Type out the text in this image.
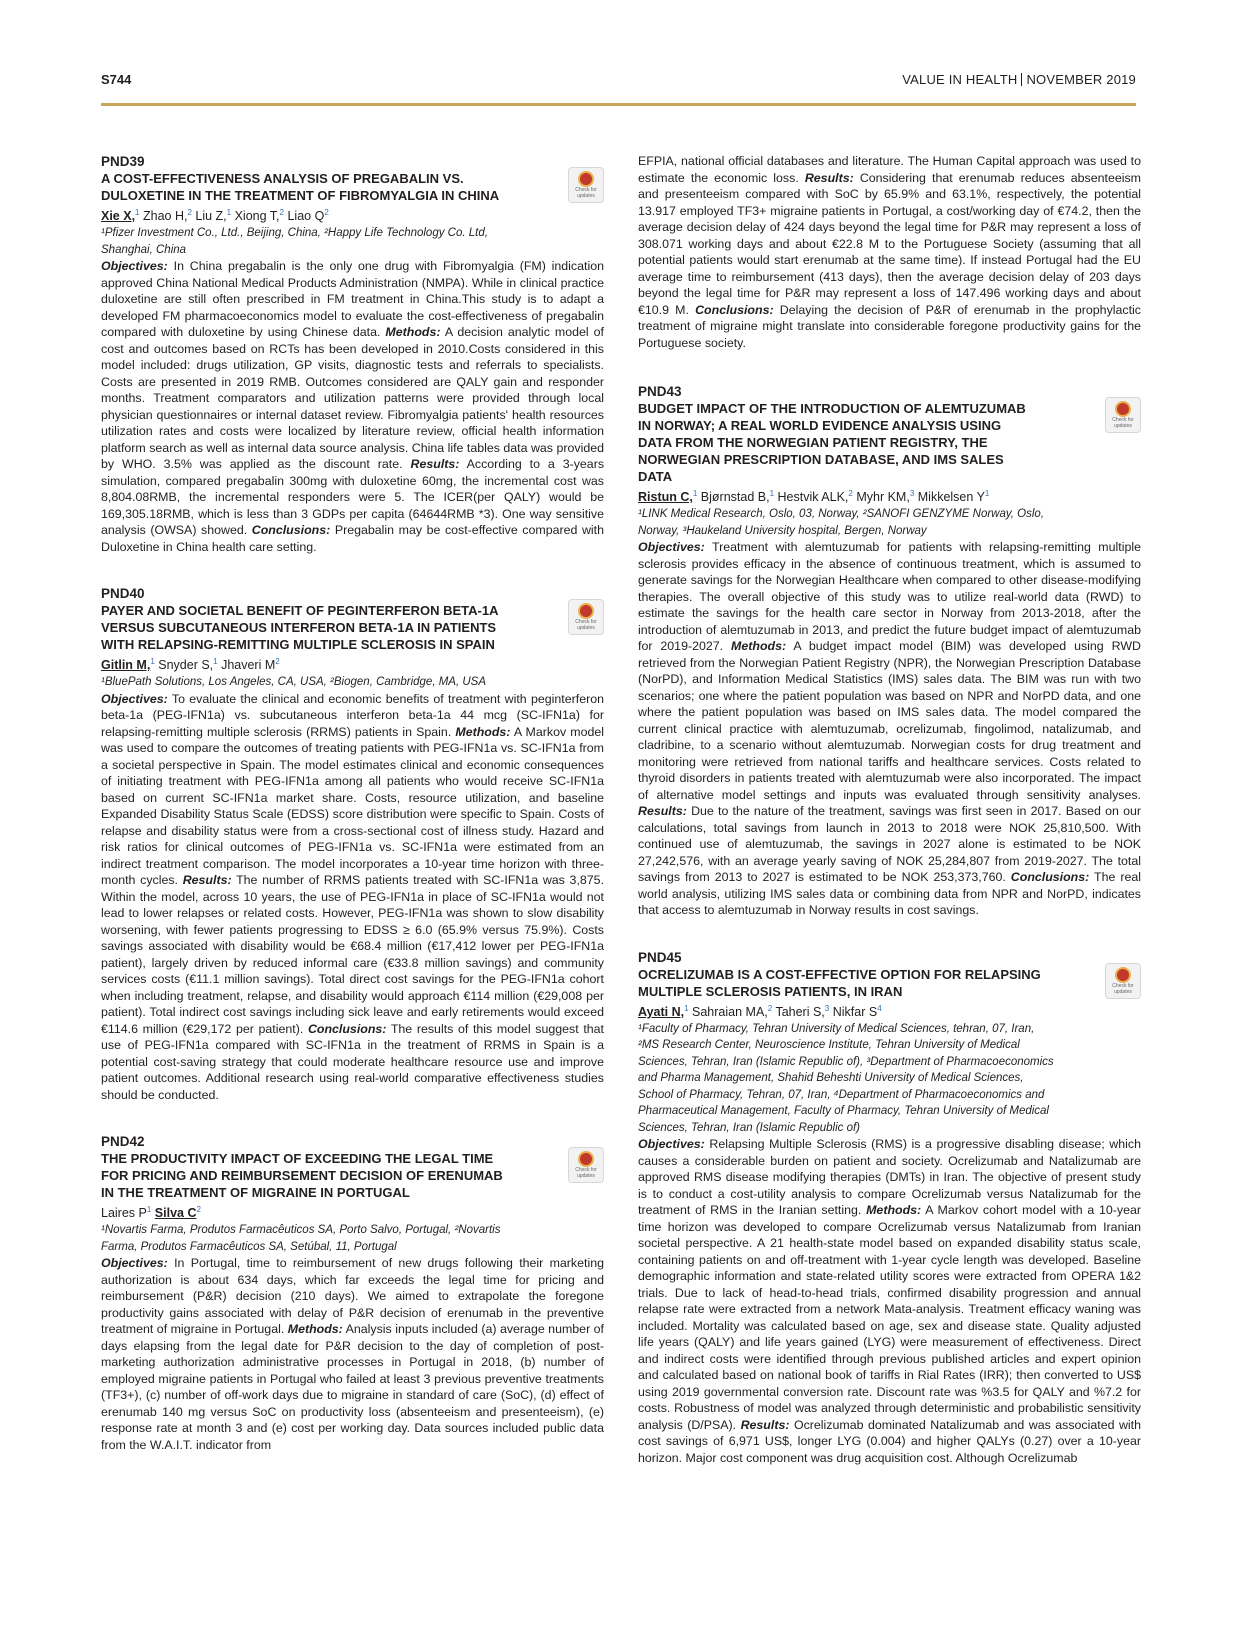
S744	VALUE IN HEALTH NOVEMBER 2019
PND39
A COST-EFFECTIVENESS ANALYSIS OF PREGABALIN VS. DULOXETINE IN THE TREATMENT OF FIBROMYALGIA IN CHINA	Check for
updates
Xie X,$^1$ Zhao H,$^2$ Liu Z,$^1$ Xiong T,$^2$ Liao $Q^2$
¹Pfizer Investment Co., Ltd., Beijing, China, ²Happy Life Technology Co. Ltd, Shanghai, China
Objectives: In China pregabalin is the only one drug with Fibromyalgia (FM) indication approved China National Medical Products Administration (NMPA). While in clinical practice duloxetine are still often prescribed in FM treatment in China.This study is to adapt a developed FM pharmacoeconomics model to evaluate the cost-effectiveness of pregabalin compared with duloxetine by using Chinese data. Methods: A decision analytic model of cost and outcomes based on RCTs has been developed in 2010.Costs considered in this model included: drugs utilization, GP visits, diagnostic tests and referrals to specialists. Costs are presented in 2019 RMB. Outcomes considered are QALY gain and responder months. Treatment comparators and utilization patterns were provided through local physician questionnaires or internal dataset review. Fibromyalgia patients' health resources utilization rates and costs were localized by literature review, official health information platform search as well as internal data source analysis. China life tables data was provided by WHO. 3.5% was applied as the discount rate. Results: According to a 3-years simulation, compared pregabalin 300mg with duloxetine 60mg, the incremental cost was 8,804.08RMB, the incremental responders were 5. The ICER(per QALY) would be 169,305.18RMB, which is less than 3 GDPs per capita (64644RMB *3). One way sensitive analysis (OWSA) showed. Conclusions: Pregabalin may be cost-effective compared with Duloxetine in China health care setting.
PND40
PAYER AND SOCIETAL BENEFIT OF PEGINTERFERON BETA-1A VERSUS SUBCUTANEOUS INTERFERON BETA-1A IN PATIENTS WITH RELAPSING-REMITTING MULTIPLE SCLEROSIS IN SPAIN
Check for
updates
Gitlin M,$^1$ Snyder S,$^1$ Jhaveri $M^2$
¹BluePath Solutions, Los Angeles, CA, USA, ²Biogen, Cambridge, MA, USA
Objectives: To evaluate the clinical and economic benefits of treatment with peginterferon beta-1a (PEG-IFN1a) vs. subcutaneous interferon beta-1a 44 mcg (SC-IFN1a) for relapsing-remitting multiple sclerosis (RRMS) patients in Spain. Methods: A Markov model was used to compare the outcomes of treating patients with PEG-IFN1a vs. SC-IFN1a from a societal perspective in Spain. The model estimates clinical and economic consequences of initiating treatment with PEG-IFN1a among all patients who would receive SC-IFN1a based on current SC-IFN1a market share. Costs, resource utilization, and baseline Expanded Disability Status Scale (EDSS) score distribution were specific to Spain. Costs of relapse and disability status were from a cross-sectional cost of illness study. Hazard and risk ratios for clinical outcomes of PEG-IFN1a vs. SC-IFN1a were estimated from an indirect treatment comparison. The model incorporates a 10-year time horizon with three-month cycles. Results: The number of RRMS patients treated with SC-IFN1a was 3,875. Within the model, across 10 years, the use of PEG-IFN1a in place of SC-IFN1a would not lead to lower relapses or related costs. However, PEG-IFN1a was shown to slow disability worsening, with fewer patients progressing to EDSS ≥ 6.0 (65.9% versus 75.9%). Costs savings associated with disability would be €68.4 million (€17,412 lower per PEG-IFN1a patient), largely driven by reduced informal care (€33.8 million savings) and community services costs (€11.1 million savings). Total direct cost savings for the PEG-IFN1a cohort when including treatment, relapse, and disability would approach €114 million (€29,008 per patient). Total indirect cost savings including sick leave and early retirements would exceed €114.6 million (€29,172 per patient). Conclusions: The results of this model suggest that use of PEG-IFN1a compared with SC-IFN1a in the treatment of RRMS in Spain is a potential cost-saving strategy that could moderate healthcare resource use and improve patient outcomes. Additional research using real-world comparative effectiveness studies should be conducted.
PND42
THE PRODUCTIVITY IMPACT OF EXCEEDING THE LEGAL TIME FOR PRICING AND REIMBURSEMENT DECISION OF ERENUMAB IN THE TREATMENT OF MIGRAINE IN PORTUGAL
Check for
updates
Laires $P^1$ Silva $C^2$
¹Novartis Farma, Produtos Farmacêuticos SA, Porto Salvo, Portugal, ²Novartis Farma, Produtos Farmacêuticos SA, Setúbal, 11, Portugal
Objectives: In Portugal, time to reimbursement of new drugs following their marketing authorization is about 634 days, which far exceeds the legal time for pricing and reimbursement (P&R) decision (210 days). We aimed to extrapolate the foregone productivity gains associated with delay of P&R decision of erenumab in the preventive treatment of migraine in Portugal. Methods: Analysis inputs included (a) average number of days elapsing from the legal date for P&R decision to the day of completion of post-marketing authorization administrative processes in Portugal in 2018, (b) number of employed migraine patients in Portugal who failed at least 3 previous preventive treatments (TF3+), (c) number of off-work days due to migraine in standard of care (SoC), (d) effect of erenumab 140 mg versus SoC on productivity loss (absenteeism and presenteeism), (e) response rate at month 3 and (e) cost per working day. Data sources included public data from the W.A.I.T. indicator from
EFPIA, national official databases and literature. The Human Capital approach was used to estimate the economic loss. Results: Considering that erenumab reduces absenteeism and presenteeism compared with SoC by 65.9% and 63.1%, respectively, the potential 13.917 employed TF3+ migraine patients in Portugal, a cost/working day of €74.2, then the average decision delay of 424 days beyond the legal time for P&R may represent a loss of 308.071 working days and about €22.8 M to the Portuguese Society (assuming that all potential patients would start erenumab at the same time). If instead Portugal had the EU average time to reimbursement (413 days), then the average decision delay of 203 days beyond the legal time for P&R may represent a loss of 147.496 working days and about €10.9 M. Conclusions: Delaying the decision of P&R of erenumab in the prophylactic treatment of migraine might translate into considerable foregone productivity gains for the Portuguese society.
PND43
BUDGET IMPACT OF THE INTRODUCTION OF ALEMTUZUMAB IN NORWAY; A REAL WORLD EVIDENCE ANALYSIS USING DATA FROM THE NORWEGIAN PATIENT REGISTRY, THE NORWEGIAN PRESCRIPTION DATABASE, AND IMS SALES DATA
Check for
updates
Ristun C,$^1$ Bjørnstad B,$^1$ Hestvik ALK,$^2$ Myhr KM,$^3$ Mikkelsen $Y^1$
¹LINK Medical Research, Oslo, 03, Norway, ²SANOFI GENZYME Norway, Oslo, Norway, ³Haukeland University hospital, Bergen, Norway
Objectives: Treatment with alemtuzumab for patients with relapsing-remitting multiple sclerosis provides efficacy in the absence of continuous treatment, which is assumed to generate savings for the Norwegian Healthcare when compared to other disease-modifying therapies. The overall objective of this study was to utilize real-world data (RWD) to estimate the savings for the health care sector in Norway from 2013-2018, after the introduction of alemtuzumab in 2013, and predict the future budget impact of alemtuzumab for 2019-2027. Methods: A budget impact model (BIM) was developed using RWD retrieved from the Norwegian Patient Registry (NPR), the Norwegian Prescription Database (NorPD), and Information Medical Statistics (IMS) sales data. The BIM was run with two scenarios; one where the patient population was based on NPR and NorPD data, and one where the patient population was based on IMS sales data. The model compared the current clinical practice with alemtuzumab, ocrelizumab, fingolimod, natalizumab, and cladribine, to a scenario without alemtuzumab. Norwegian costs for drug treatment and monitoring were retrieved from national tariffs and healthcare services. Costs related to thyroid disorders in patients treated with alemtuzumab were also incorporated. The impact of alternative model settings and inputs was evaluated through sensitivity analyses. Results: Due to the nature of the treatment, savings was first seen in 2017. Based on our calculations, total savings from launch in 2013 to 2018 were NOK 25,810,500. With continued use of alemtuzumab, the savings in 2027 alone is estimated to be NOK 27,242,576, with an average yearly saving of NOK 25,284,807 from 2019-2027. The total savings from 2013 to 2027 is estimated to be NOK 253,373,760. Conclusions: The real world analysis, utilizing IMS sales data or combining data from NPR and NorPD, indicates that access to alemtuzumab in Norway results in cost savings.
PND45
OCRELIZUMAB IS A COST-EFFECTIVE OPTION FOR RELAPSING MULTIPLE SCLEROSIS PATIENTS, IN IRAN	Check for
updates
Ayati N,$^1$ Sahraian MA,$^2$ Taheri S,$^3$ Nikfar $S^4$
¹Faculty of Pharmacy, Tehran University of Medical Sciences, tehran, 07, Iran, ²MS Research Center, Neuroscience Institute, Tehran University of Medical Sciences, Tehran, Iran (Islamic Republic of), ³Department of Pharmacoeconomics and Pharma Management, Shahid Beheshti University of Medical Sciences, School of Pharmacy, Tehran, 07, Iran, ⁴Department of Pharmacoeconomics and Pharmaceutical Management, Faculty of Pharmacy, Tehran University of Medical Sciences, Tehran, Iran (Islamic Republic of)
Objectives: Relapsing Multiple Sclerosis (RMS) is a progressive disabling disease; which causes a considerable burden on patient and society. Ocrelizumab and Natalizumab are approved RMS disease modifying therapies (DMTs) in Iran. The objective of present study is to conduct a cost-utility analysis to compare Ocrelizumab versus Natalizumab for the treatment of RMS in the Iranian setting. Methods: A Markov cohort model with a 10-year time horizon was developed to compare Ocrelizumab versus Natalizumab from Iranian societal perspective. A 21 health-state model based on expanded disability status scale, containing patients on and off-treatment with 1-year cycle length was developed. Baseline demographic information and state-related utility scores were extracted from OPERA 1&2 trials. Due to lack of head-to-head trials, confirmed disability progression and annual relapse rate were extracted from a network Mata-analysis. Treatment efficacy waning was included. Mortality was calculated based on age, sex and disease state. Quality adjusted life years (QALY) and life years gained (LYG) were measurement of effectiveness. Direct and indirect costs were identified through previous published articles and expert opinion and calculated based on national book of tariffs in Rial Rates (IRR); then converted to US$ using 2019 governmental conversion rate. Discount rate was %3.5 for QALY and %7.2 for costs. Robustness of model was analyzed through deterministic and probabilistic sensitivity analysis (D/PSA). Results: Ocrelizumab dominated Natalizumab and was associated with cost savings of 6,971 US$, longer LYG (0.004) and higher QALYs (0.27) over a 10-year horizon. Major cost component was drug acquisition cost. Although Ocrelizumab
